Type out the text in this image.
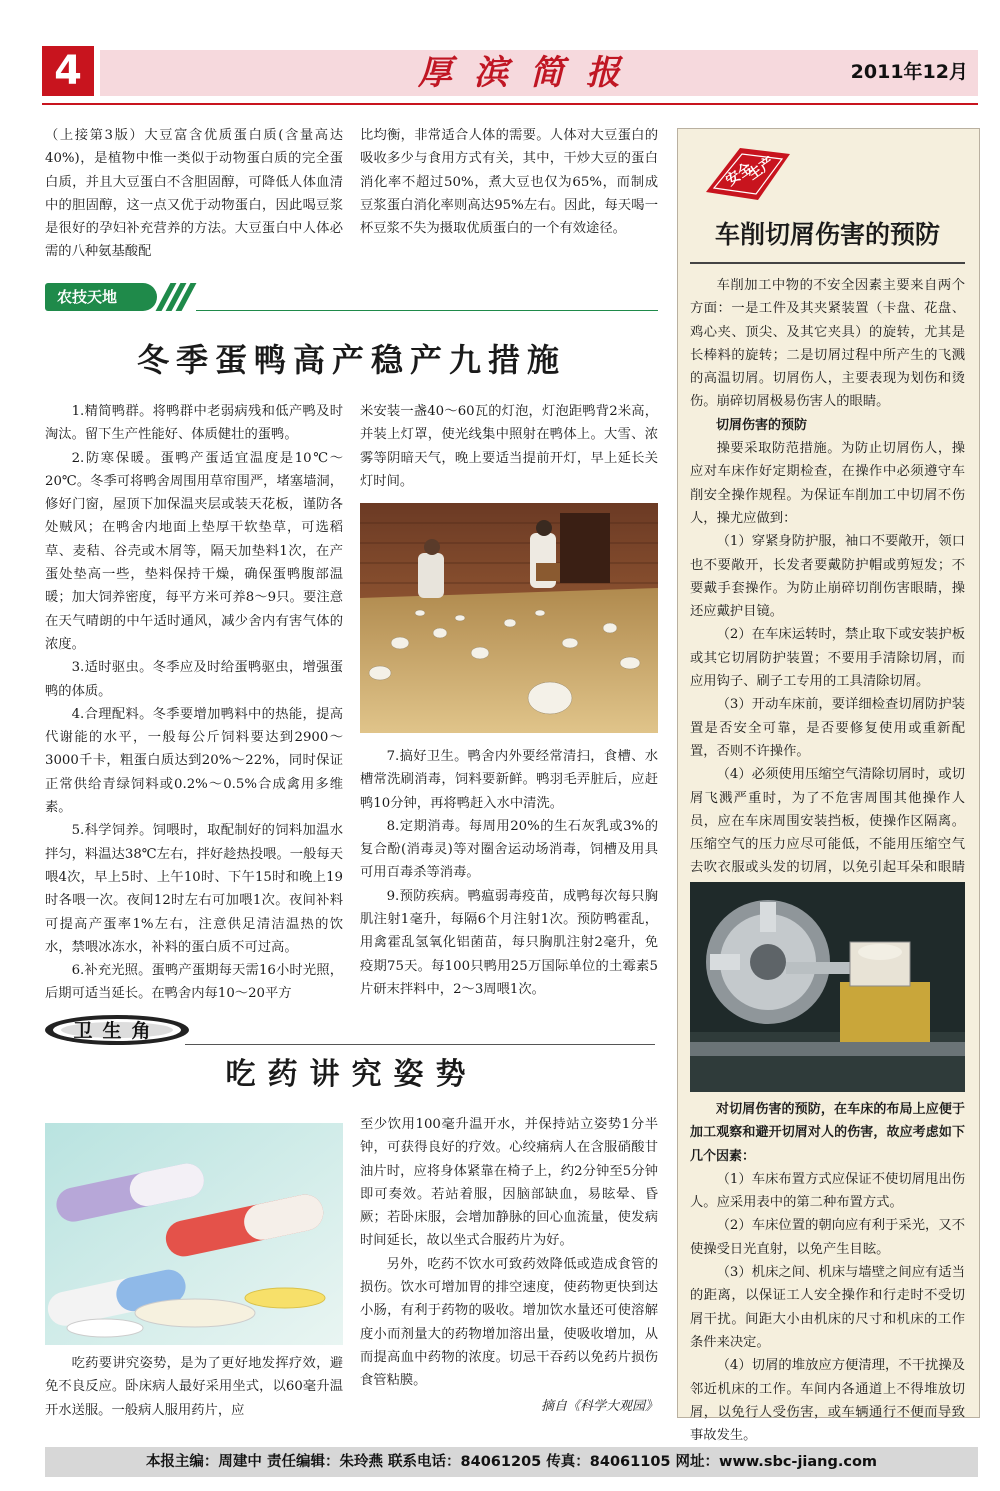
4	厚滨简报	2011年12月

（上接第3版）大豆富含优质蛋白质(含量高达40%)，是植物中惟一类似于动物蛋白质的完全蛋白质，并且大豆蛋白不含胆固醇，可降低人体血清中的胆固醇，这一点又优于动物蛋白，因此喝豆浆是很好的孕妇补充营养的方法。大豆蛋白中人体必需的八种氨基酸配

比均衡，非常适合人体的需要。人体对大豆蛋白的吸收多少与食用方式有关，其中，干炒大豆的蛋白消化率不超过50%，煮大豆也仅为65%，而制成豆浆蛋白消化率则高达95%左右。因此，每天喝一杯豆浆不失为摄取优质蛋白的一个有效途径。

农技天地
冬季蛋鸭高产稳产九措施

1.精简鸭群。将鸭群中老弱病残和低产鸭及时淘汰。留下生产性能好、体质健壮的蛋鸭。

2.防寒保暖。蛋鸭产蛋适宜温度是10℃～20℃。冬季可将鸭舍周围用草帘围严，堵塞墙洞，修好门窗，屋顶下加保温夹层或装天花板，谨防各处贼风；在鸭舍内地面上垫厚干软垫草，可选稻草、麦秸、谷壳或木屑等，隔天加垫料1次，在产蛋处垫高一些，垫料保持干燥，确保蛋鸭腹部温暖；加大饲养密度，每平方米可养8～9只。要注意在天气晴朗的中午适时通风，减少舍内有害气体的浓度。

3.适时驱虫。冬季应及时给蛋鸭驱虫，增强蛋鸭的体质。

4.合理配料。冬季要增加鸭料中的热能，提高代谢能的水平，一般每公斤饲料要达到2900～3000千卡，粗蛋白质达到20%～22%，同时保证正常供给青绿饲料或0.2%～0.5%合成禽用多维素。

5.科学饲养。饲喂时，取配制好的饲料加温水拌匀，料温达38℃左右，拌好趁热投喂。一般每天喂4次，早上5时、上午10时、下午15时和晚上19时各喂一次。夜间12时左右可加喂1次。夜间补料可提高产蛋率1%左右，注意供足清洁温热的饮水，禁喂冰冻水，补料的蛋白质不可过高。

6.补充光照。蛋鸭产蛋期每天需16小时光照，后期可适当延长。在鸭舍内每10～20平方

米安装一盏40～60瓦的灯泡，灯泡距鸭背2米高，并装上灯罩，使光线集中照射在鸭体上。大雪、浓雾等阴暗天气，晚上要适当提前开灯，早上延长关灯时间。

7.搞好卫生。鸭舍内外要经常清扫，食槽、水槽常洗刷消毒，饲料要新鲜。鸭羽毛弄脏后，应赶鸭10分钟，再将鸭赶入水中清洗。

8.定期消毒。每周用20%的生石灰乳或3%的复合酚(消毒灵)等对圈舍运动场消毒，饲槽及用具可用百毒杀等消毒。

9.预防疾病。鸭瘟弱毒疫苗，成鸭每次每只胸肌注射1毫升，每隔6个月注射1次。预防鸭霍乱，用禽霍乱氢氧化铝菌苗，每只胸肌注射2毫升，免疫期75天。每100只鸭用25万国际单位的土霉素5片研末拌料中，2～3周喂1次。

卫生角
吃药讲究姿势

吃药要讲究姿势，是为了更好地发挥疗效，避免不良反应。卧床病人最好采用坐式，以60毫升温开水送服。一般病人服用药片，应

至少饮用100毫升温开水，并保持站立姿势1分半钟，可获得良好的疗效。心绞痛病人在含服硝酸甘油片时，应将身体紧靠在椅子上，约2分钟至5分钟即可奏效。若站着服，因脑部缺血，易眩晕、昏厥；若卧床服，会增加静脉的回心血流量，使发病时间延长，故以坐式合服药片为好。

另外，吃药不饮水可致药效降低或造成食管的损伤。饮水可增加胃的排空速度，使药物更快到达小肠，有利于药物的吸收。增加饮水量还可使溶解度小而剂量大的药物增加溶出量，使吸收增加，从而提高血中药物的浓度。切忌干吞药以免药片损伤食管粘膜。

摘自《科学大观园》
安全
生产
车削切屑伤害的预防

车削加工中物的不安全因素主要来自两个方面：一是工件及其夹紧装置（卡盘、花盘、鸡心夹、顶尖、及其它夹具）的旋转，尤其是长棒料的旋转；二是切屑过程中所产生的飞溅的高温切屑。切屑伤人，主要表现为划伤和烫伤。崩碎切屑极易伤害人的眼睛。

切屑伤害的预防

操要采取防范措施。为防止切屑伤人，操应对车床作好定期检查，在操作中必须遵守车削安全操作规程。为保证车削加工中切屑不伤人，操尤应做到：

（1）穿紧身防护服，袖口不要敞开，领口也不要敞开，长发者要戴防护帽或剪短发；不要戴手套操作。为防止崩碎切削伤害眼睛，操还应戴护目镜。

（2）在车床运转时，禁止取下或安装护板或其它切屑防护装置；不要用手清除切屑，而应用钩子、刷子工专用的工具清除切屑。

（3）开动车床前，要详细检查切屑防护装置是否安全可靠，是否要修复使用或重新配置，否则不许操作。

（4）必须使用压缩空气清除切屑时，或切屑飞溅严重时，为了不危害周围其他操作人员，应在车床周围安装挡板，使操作区隔离。压缩空气的压力应尽可能低，不能用压缩空气去吹衣服或头发的切屑，以免引起耳朵和眼睛

对切屑伤害的预防，在车床的布局上应便于加工观察和避开切屑对人的伤害，故应考虑如下几个因素：

（1）车床布置方式应保证不使切屑甩出伤人。应采用表中的第二种布置方式。

（2）车床位置的朝向应有利于采光，又不使操受日光直射，以免产生目眩。

（3）机床之间、机床与墙壁之间应有适当的距离，以保证工人安全操作和行走时不受切屑干扰。间距大小由机床的尺寸和机床的工作条件来决定。

（4）切屑的堆放应方便清理，不干扰操及邻近机床的工作。车间内各通道上不得堆放切屑，以免行人受伤害，或车辆通行不便而导致事故发生。

本报主编：周建中 责任编辑：朱玲燕 联系电话：84061205 传真：84061105 网址：www.sbc-jiang.com
